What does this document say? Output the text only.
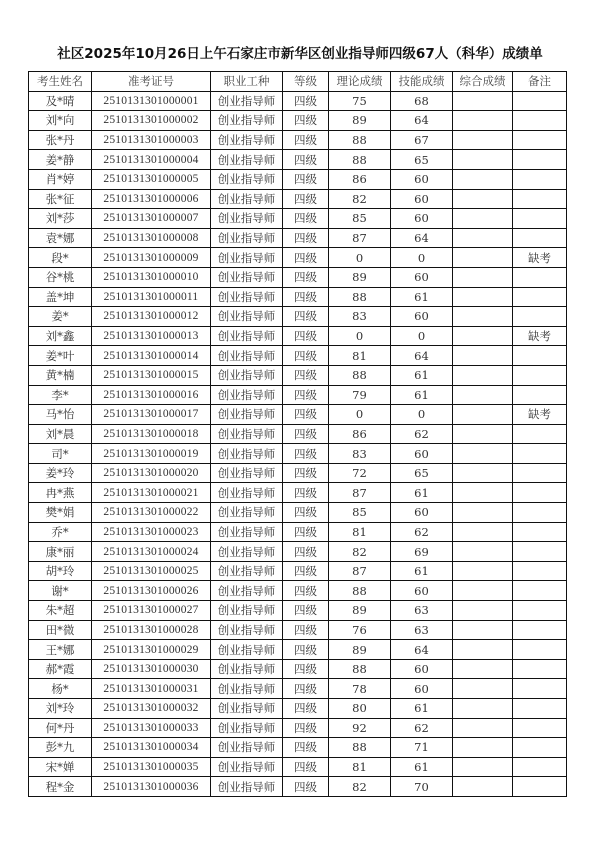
社区2025年10月26日上午石家庄市新华区创业指导师四级67人（科华）成绩单
考生姓名	准考证号	职业工种	等级	理论成绩	技能成绩	综合成绩	备注
及*晴	2510131301000001	创业指导师	四级	75	68		
刘*向	2510131301000002	创业指导师	四级	89	64		
张*丹	2510131301000003	创业指导师	四级	88	67		
姜*静	2510131301000004	创业指导师	四级	88	65		
肖*婷	2510131301000005	创业指导师	四级	86	60		
张*征	2510131301000006	创业指导师	四级	82	60		
刘*莎	2510131301000007	创业指导师	四级	85	60		
袁*娜	2510131301000008	创业指导师	四级	87	64		
段*	2510131301000009	创业指导师	四级	0	0		缺考
谷*桃	2510131301000010	创业指导师	四级	89	60		
盖*坤	2510131301000011	创业指导师	四级	88	61		
姜*	2510131301000012	创业指导师	四级	83	60		
刘*鑫	2510131301000013	创业指导师	四级	0	0		缺考
姜*叶	2510131301000014	创业指导师	四级	81	64		
黄*楠	2510131301000015	创业指导师	四级	88	61		
李*	2510131301000016	创业指导师	四级	79	61		
马*怡	2510131301000017	创业指导师	四级	0	0		缺考
刘*晨	2510131301000018	创业指导师	四级	86	62		
司*	2510131301000019	创业指导师	四级	83	60		
姜*玲	2510131301000020	创业指导师	四级	72	65		
冉*燕	2510131301000021	创业指导师	四级	87	61		
樊*娟	2510131301000022	创业指导师	四级	85	60		
乔*	2510131301000023	创业指导师	四级	81	62		
康*丽	2510131301000024	创业指导师	四级	82	69		
胡*玲	2510131301000025	创业指导师	四级	87	61		
谢*	2510131301000026	创业指导师	四级	88	60		
朱*超	2510131301000027	创业指导师	四级	89	63		
田*微	2510131301000028	创业指导师	四级	76	63		
王*娜	2510131301000029	创业指导师	四级	89	64		
郝*霞	2510131301000030	创业指导师	四级	88	60		
杨*	2510131301000031	创业指导师	四级	78	60		
刘*玲	2510131301000032	创业指导师	四级	80	61		
何*丹	2510131301000033	创业指导师	四级	92	62		
彭*九	2510131301000034	创业指导师	四级	88	71		
宋*婵	2510131301000035	创业指导师	四级	81	61		
程*金	2510131301000036	创业指导师	四级	82	70		
